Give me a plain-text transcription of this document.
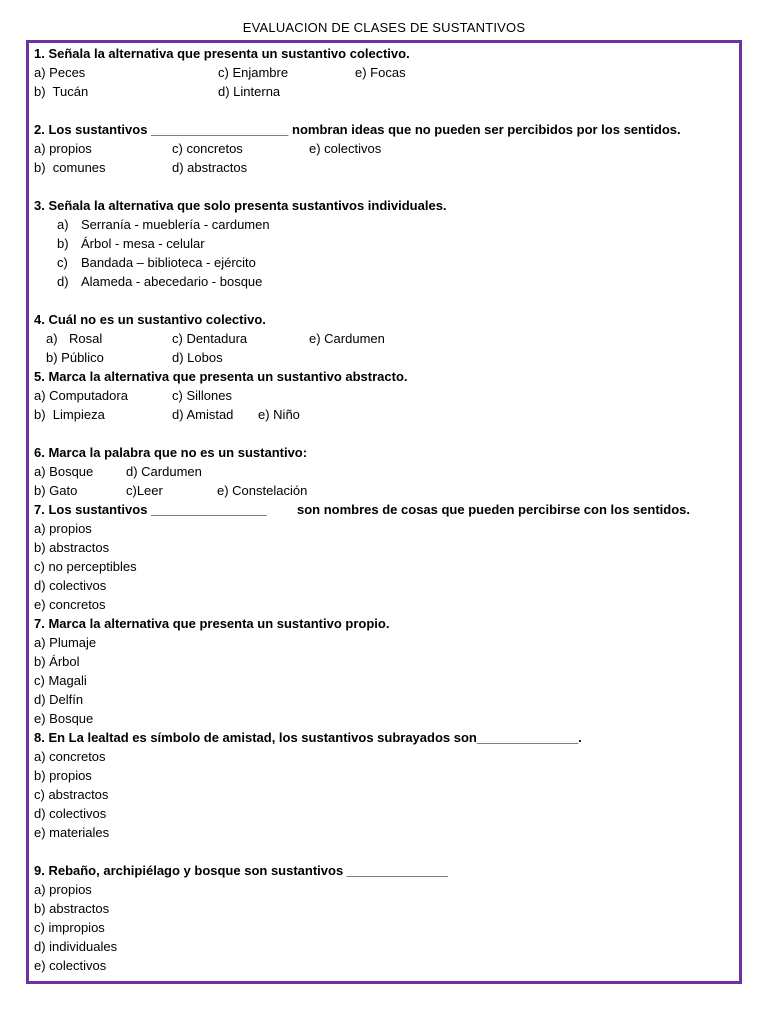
EVALUACION DE CLASES DE SUSTANTIVOS
1. Señala la alternativa que presenta un sustantivo colectivo.
a) Peces	c) Enjambre	e) Focas
b)  Tucán	d) Linterna
2. Los sustantivos ___________________ nombran ideas que no pueden ser percibidos por los sentidos.
a) propios	c) concretos	e) colectivos
b)  comunes	d) abstractos
3. Señala la alternativa que solo presenta sustantivos individuales.
a) Serranía - mueblería - cardumen
b) Árbol - mesa - celular
c) Bandada – biblioteca - ejército
d) Alameda - abecedario - bosque
4. Cuál no es un sustantivo colectivo.
a) Rosal	c) Dentadura	e) Cardumen
b) Público	d) Lobos
5. Marca la alternativa que presenta un sustantivo abstracto.
a) Computadora	c) Sillones
b)  Limpieza	d) Amistad e) Niño
6. Marca la palabra que no es un sustantivo:
a) Bosque	d) Cardumen
b) Gato	c)Leer	e) Constelación
7. Los sustantivos ________________ son nombres de cosas que pueden percibirse con los sentidos.
a) propios
b) abstractos
c) no perceptibles
d) colectivos
e) concretos
7. Marca la alternativa que presenta un sustantivo propio.
a) Plumaje
b) Árbol
c) Magali
d) Delfín
e) Bosque
8. En La lealtad es símbolo de amistad, los sustantivos subrayados son______________.
a) concretos
b) propios
c) abstractos
d) colectivos
e) materiales
9. Rebaño, archipiélago y bosque son sustantivos ______________
a) propios
b) abstractos
c) impropios
d) individuales
e) colectivos
